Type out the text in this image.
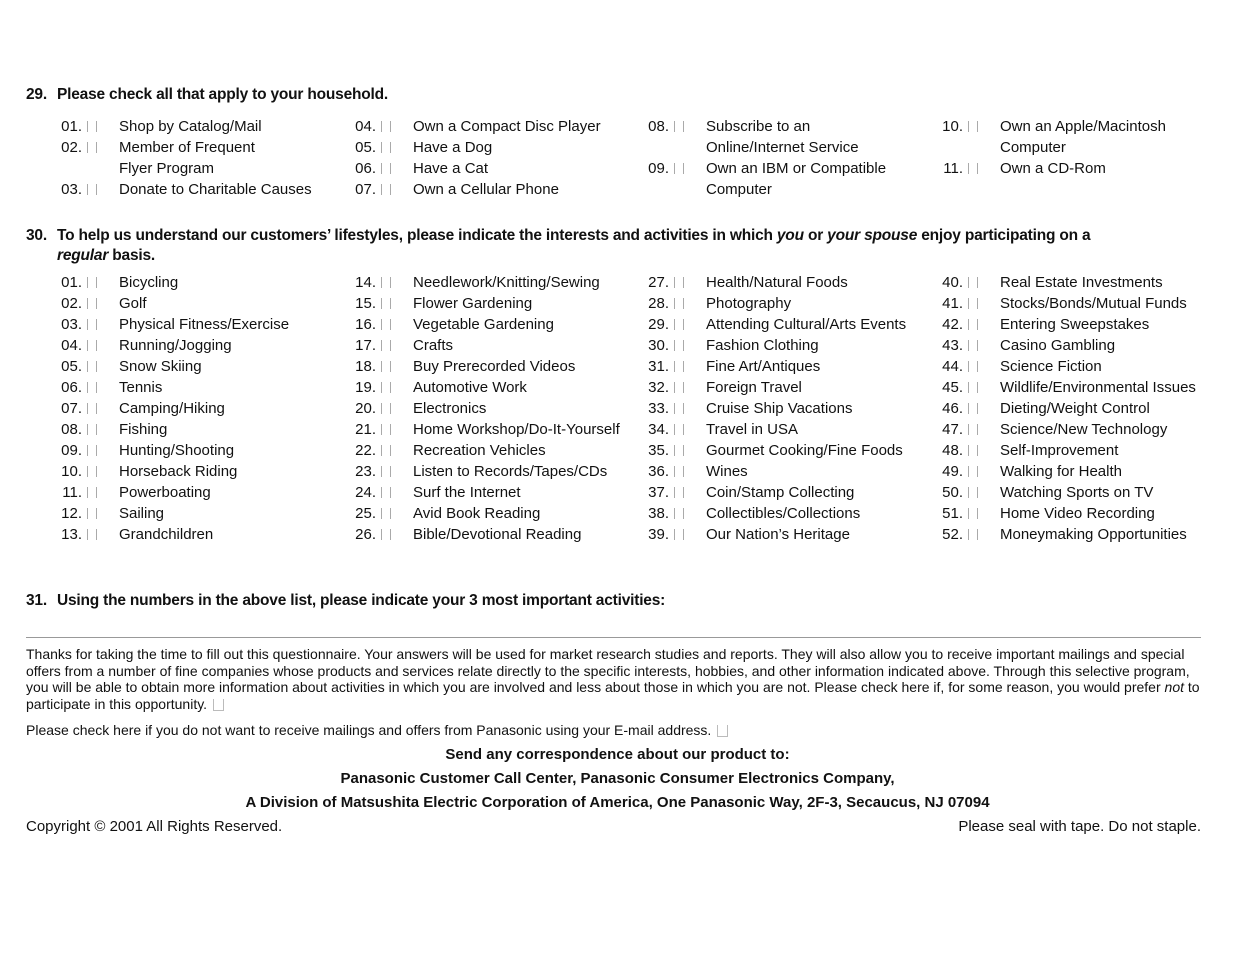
29. Please check all that apply to your household.
01. Shop by Catalog/Mail
02. Member of Frequent
Flyer Program
03. Donate to Charitable Causes
04. Own a Compact Disc Player
05. Have a Dog
06. Have a Cat
07. Own a Cellular Phone
08. Subscribe to an
Online/Internet Service
09. Own an IBM or Compatible
Computer
10. Own an Apple/Macintosh
Computer
11. Own a CD-Rom
30. To help us understand our customers’ lifestyles, please indicate the interests and activities in which you or your spouse enjoy participating on a
regular basis.
01. Bicycling
02. Golf
03. Physical Fitness/Exercise
04. Running/Jogging
05. Snow Skiing
06. Tennis
07. Camping/Hiking
08. Fishing
09. Hunting/Shooting
10. Horseback Riding
11. Powerboating
12. Sailing
13. Grandchildren
14. Needlework/Knitting/Sewing
15. Flower Gardening
16. Vegetable Gardening
17. Crafts
18. Buy Prerecorded Videos
19. Automotive Work
20. Electronics
21. Home Workshop/Do-It-Yourself
22. Recreation Vehicles
23. Listen to Records/Tapes/CDs
24. Surf the Internet
25. Avid Book Reading
26. Bible/Devotional Reading
27. Health/Natural Foods
28. Photography
29. Attending Cultural/Arts Events
30. Fashion Clothing
31. Fine Art/Antiques
32. Foreign Travel
33. Cruise Ship Vacations
34. Travel in USA
35. Gourmet Cooking/Fine Foods
36. Wines
37. Coin/Stamp Collecting
38. Collectibles/Collections
39. Our Nation’s Heritage
40. Real Estate Investments
41. Stocks/Bonds/Mutual Funds
42. Entering Sweepstakes
43. Casino Gambling
44. Science Fiction
45. Wildlife/Environmental Issues
46. Dieting/Weight Control
47. Science/New Technology
48. Self-Improvement
49. Walking for Health
50. Watching Sports on TV
51. Home Video Recording
52. Moneymaking Opportunities
31. Using the numbers in the above list, please indicate your 3 most important activities:
Thanks for taking the time to fill out this questionnaire. Your answers will be used for market research studies and reports. They will also allow you to receive important mailings and special offers from a number of fine companies whose products and services relate directly to the specific interests, hobbies, and other information indicated above. Through this selective program, you will be able to obtain more information about activities in which you are involved and less about those in which you are not. Please check here if, for some reason, you would prefer not to participate in this opportunity.
Please check here if you do not want to receive mailings and offers from Panasonic using your E-mail address.
Send any correspondence about our product to:
Panasonic Customer Call Center, Panasonic Consumer Electronics Company,
A Division of Matsushita Electric Corporation of America, One Panasonic Way, 2F-3, Secaucus, NJ 07094
Copyright © 2001 All Rights Reserved.	Please seal with tape. Do not staple.
